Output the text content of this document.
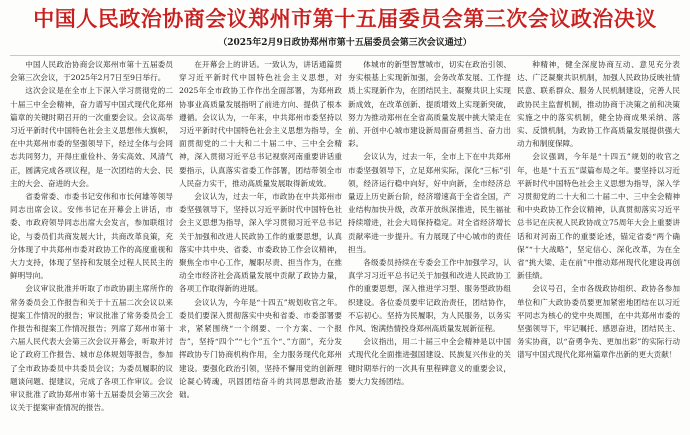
中国人民政治协商会议郑州市第十五届委员会第三次会议政治决议
（2025年2月9日政协郑州市第十五届委员会第三次会议通过）

中国人民政治协商会议郑州市第十五届委员会第三次会议，于2025年2月7日至9日举行。

这次会议是在全市上下深入学习贯彻党的二十届三中全会精神，奋力谱写中国式现代化郑州篇章的关键时期召开的一次重要会议。会议高举习近平新时代中国特色社会主义思想伟大旗帜，在中共郑州市委的坚强领导下，经过全体与会同志共同努力，开得庄重俭朴、务实高效、风清气正，圆满完成各项议程，是一次团结的大会、民主的大会、奋进的大会。

省委常委、市委书记安伟和市长何雄等领导同志出席会议。安伟书记在开幕会上讲话，市委、市政府领导同志出席大会发言，参加联组讨论，与委员们共商发展大计，共商改革良策，充分体现了中共郑州市委对政协工作的高度重视和大力支持，体现了坚持和发展全过程人民民主的鲜明导向。

会议审议批准并听取了市政协副主席所作的常务委员会工作报告和关于十五届二次会议以来提案工作情况的报告；审议批准了常务委员会工作报告和提案工作情况报告；列席了郑州市第十六届人民代表大会第三次会议开幕会，听取并讨论了政府工作报告、城市总体规划等报告，参加了全市政协委员中共委员会议；为委员履职的议题谈问题、提建议，完成了各项工作审议。会议审议批准了政协郑州市第十五届委员会第三次会议关于提案审查情况的报告。

在开幕会上的讲话。一致认为，讲话通篇贯穿习近平新时代中国特色社会主义思想，对2025年全市政协工作作出全面部署，为郑州政协事业高质量发展指明了前进方向、提供了根本遵循。会议认为，一年来，中共郑州市委坚持以习近平新时代中国特色社会主义思想为指导，全面贯彻党的二十大和二十届二中、三中全会精神，深入贯彻习近平总书记视察河南重要讲话重要指示，认真落实省委工作部署，团结带领全市人民奋力实干，推动高质量发展取得新成效。

会议认为，过去一年，市政协在中共郑州市委坚强领导下，坚持以习近平新时代中国特色社会主义思想为指导，深入学习贯彻习近平总书记关于加强和改进人民政协工作的重要思想，认真落实中共中央、省委、市委政协工作会议精神，聚焦全市中心工作，履职尽责、担当作为，在推动全市经济社会高质量发展中贡献了政协力量，各项工作取得新的进展。

会议认为，今年是“十四五”规划收官之年。委员们要深入贯彻落实中央和省委、市委部署要求，紧紧围绕“一个纲要、一个方案、一个报告”，坚持“四个”“七个”五个“、”方面”，充分发挥政协专门协商机构作用，全力服务现代化郑州建设。要强化政治引领，坚持不懈用党的创新理论凝心铸魂，巩固团结奋斗的共同思想政治基础。

体城市的新型智慧城市，切实在政治引领、夯实根基上实现新加强，会务改革发展、工作提质上实现新作为，在团结民主、凝聚共识上实现新成效，在改革创新、提质增效上实现新突破，努力为推动郑州在全省高质量发展中挑大梁走在前、开创中心城市建设新局面奋勇担当、奋力出彩。

会议认为，过去一年，全市上下在中共郑州市委坚强领导下，立足郑州实际，深化“三标”引领，经济运行稳中向好，好中向新，全市经济总量迈上历史新台阶，经济增速高于全省全国，产业结构加快升级，改革开放纵深推进，民生福祉持续增进，社会大局保持稳定。对全省经济增长贡献率进一步提升。有力展现了中心城市的责任担当。

各级委员持续在专委会工作中加强学习，认真学习习近平总书记关于加强和改进人民政协工作的重要思想，深入推进学习型、服务型政协组织建设。各位委员要牢记政治责任，团结协作，不忘初心。坚持为民履职，为人民服务，以务实作风、饱满热情投身郑州高质量发展新征程。

会议指出，用二十届三中全会精神是以中国式现代化全面推进强国建设、民族复兴伟业的关键时期举行的一次具有里程碑意义的重要会议，要大力发扬团结。

种精神，健全深度协商互动、意见充分表达、广泛凝聚共识机制，加强人民政协反映社情民意、联系群众、服务人民机制建设，完善人民政协民主监督机制，推动协商于决策之前和决策实施之中的落实机制，健全协商成果采纳、落实、反馈机制，为政协工作高质量发展提供强大动力和制度保障。

会议强调，今年是“十四五”规划的收官之年，也是“十五五”谋篇布局之年。要坚持以习近平新时代中国特色社会主义思想为指导，深入学习贯彻党的二十大和二十届二中、三中全会精神和中央政协工作会议精神，认真贯彻落实习近平总书记在庆祝人民政协成立75周年大会上重要讲话和对河南工作的重要论述，锚定省委“两个确保”“十大战略”，坚定信心、深化改革，为在全省“挑大梁、走在前”中推动郑州现代化建设再创新佳绩。

会议号召，全市各级政协组织、政协各参加单位和广大政协委员要更加紧密地团结在以习近平同志为核心的党中央周围，在中共郑州市委的坚强领导下，牢记嘱托、感恩奋进，团结民主、务实协商，以“奋勇争先、更加出彩”的实际行动谱写中国式现代化郑州篇章作出新的更大贡献！
